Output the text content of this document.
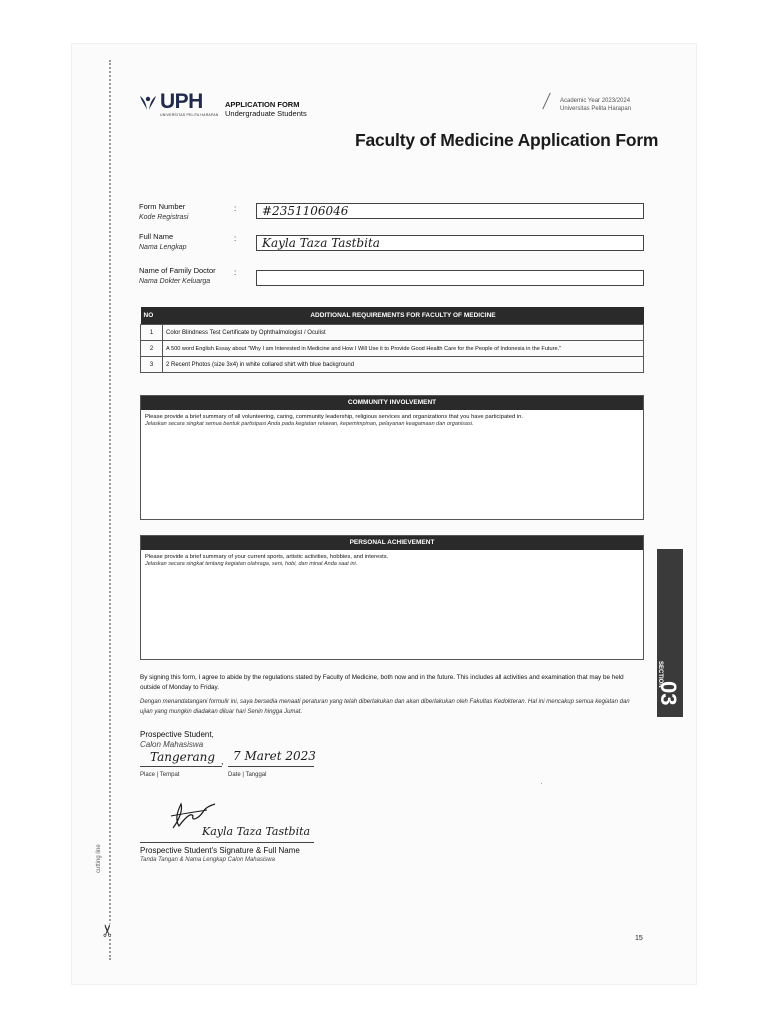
cutting line
✂
UPH
UNIVERSITAS PELITA HARAPAN
APPLICATION FORM
Undergraduate Students
Academic Year 2023/2024
Universitas Pelita Harapan
Faculty of Medicine Application Form
Form Number
Kode Registrasi
: #2351106046
Full Name
Nama Lengkap
: Kayla Taza Tastbita
Name of Family Doctor
Nama Dokter Keluarga
:
NO	ADDITIONAL REQUIREMENTS FOR FACULTY OF MEDICINE
1	Color Blindness Test Certificate by Ophthalmologist / Oculist
2	A 500 word English Essay about "Why I am Interested in Medicine and How I Will Use it to Provide Good Health Care for the People of Indonesia in the Future."
3	2 Recent Photos (size 3x4) in white collared shirt with blue background
COMMUNITY INVOLVEMENT
Please provide a brief summary of all volunteering, caring, community leadership, religious services and organizations that you have participated in.
Jelaskan secara singkat semua bentuk partisipasi Anda pada kegiatan relawan, kepemimpinan, pelayanan keagamaan dan organisasi.
PERSONAL ACHIEVEMENT
Please provide a brief summary of your current sports, artistic activities, hobbies, and interests.
Jelaskan secara singkat tentang kegiatan olahraga, seni, hobi, dan minat Anda saat ini.
SECTION
03
By signing this form, I agree to abide by the regulations stated by Faculty of Medicine, both now and in the future. This includes all activities and examination that may be held outside of Monday to Friday.
Dengan menandatangani formulir ini, saya bersedia menaati peraturan yang telah diberlakukan dan akan diberlakukan oleh Fakultas Kedokteran. Hal ini mencakup semua kegiatan dan ujian yang mungkin diadakan diluar hari Senin hingga Jumat.
Prospective Student,
Calon Mahasiswa
Tangerang , 7 Maret 2023
Place | Tempat	Date | Tanggal
·
Kayla Taza Tastbita
Prospective Student's Signature & Full Name
Tanda Tangan & Nama Lengkap Calon Mahasiswa
15
